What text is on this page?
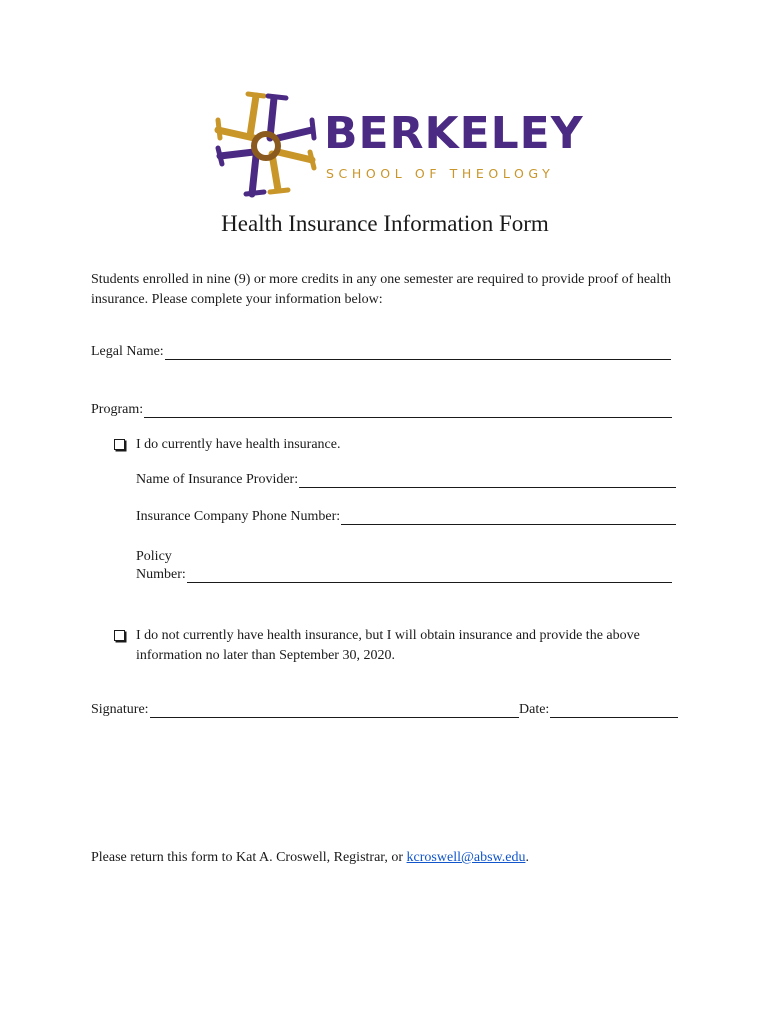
BERKELEY
SCHOOL OF THEOLOGY
Health Insurance Information Form
Students enrolled in nine (9) or more credits in any one semester are required to provide proof of health insurance. Please complete your information below:
Legal Name:
Program:
I do currently have health insurance.
Name of Insurance Provider:
Insurance Company Phone Number:
Policy
Number:
I do not currently have health insurance, but I will obtain insurance and provide the above information no later than September 30, 2020.
Signature:	Date:
Please return this form to Kat A. Croswell, Registrar, or kcroswell@absw.edu.
